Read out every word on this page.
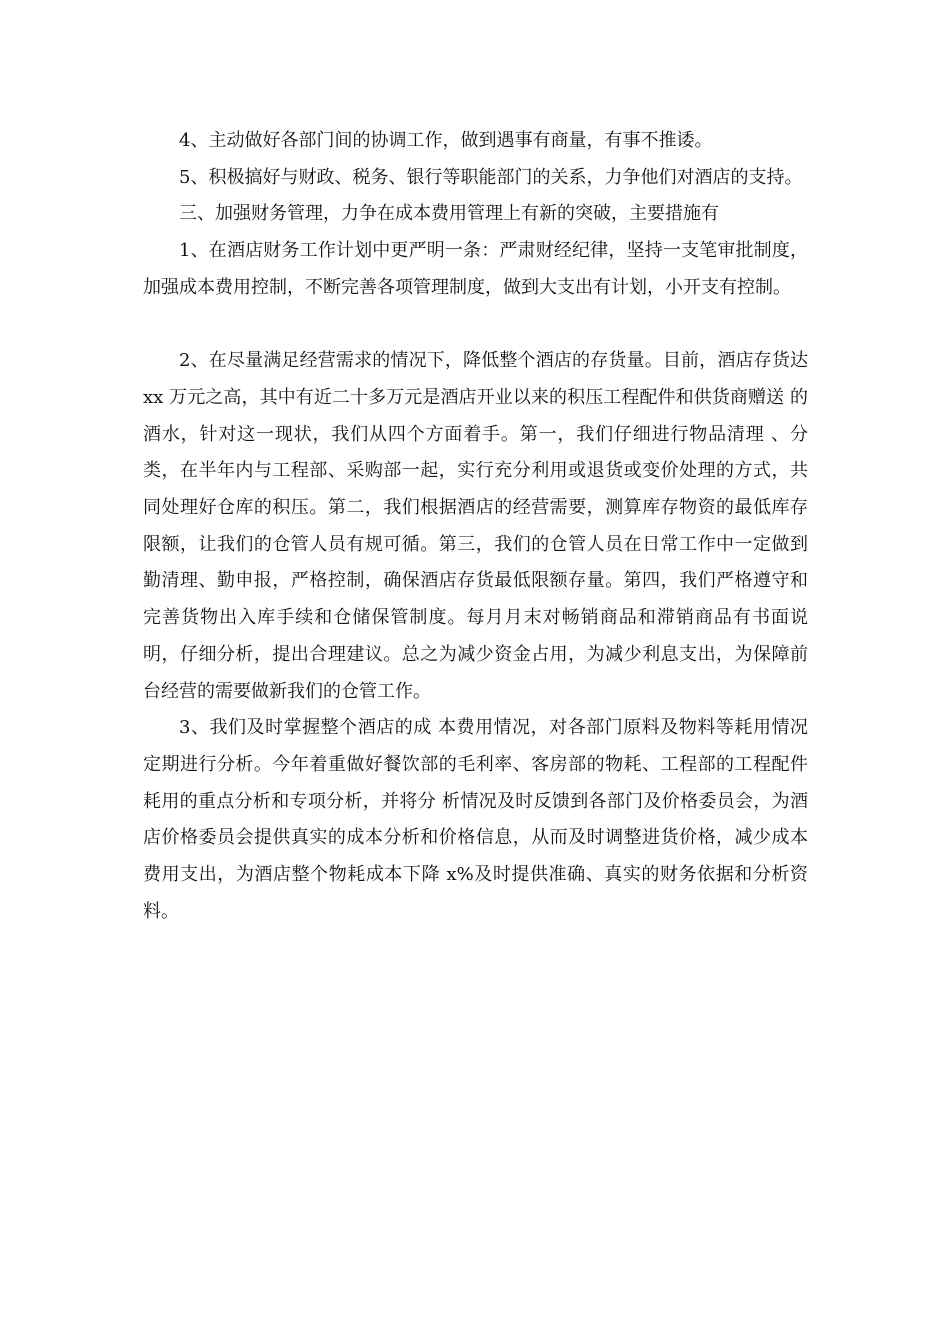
4、主动做好各部门间的协调工作，做到遇事有商量，有事不推诿。

5、积极搞好与财政、税务、银行等职能部门的关系，力争他们对酒店的支持。

三、加强财务管理，力争在成本费用管理上有新的突破，主要措施有

1、在酒店财务工作计划中更严明一条：严肃财经纪律，坚持一支笔审批制度，加强成本费用控制，不断完善各项管理制度，做到大支出有计划，小开支有控制。

2、在尽量满足经营需求的情况下，降低整个酒店的存货量。目前，酒店存货达 xx 万元之高，其中有近二十多万元是酒店开业以来的积压工程配件和供货商赠送 的酒水，针对这一现状，我们从四个方面着手。第一，我们仔细进行物品清理 、分类，在半年内与工程部、采购部一起，实行充分利用或退货或变价处理的方式，共 同处理好仓库的积压。第二，我们根据酒店的经营需要，测算库存物资的最低库存限额，让我们的仓管人员有规可循。第三，我们的仓管人员在日常工作中一定做到 勤清理、勤申报，严格控制，确保酒店存货最低限额存量。第四，我们严格遵守和完善货物出入库手续和仓储保管制度。每月月末对畅销商品和滞销商品有书面说 明，仔细分析，提出合理建议。总之为减少资金占用，为减少利息支出，为保障前台经营的需要做新我们的仓管工作。

3、我们及时掌握整个酒店的成 本费用情况，对各部门原料及物料等耗用情况定期进行分析。今年着重做好餐饮部的毛利率、客房部的物耗、工程部的工程配件耗用的重点分析和专项分析，并将分 析情况及时反馈到各部门及价格委员会，为酒店价格委员会提供真实的成本分析和价格信息，从而及时调整进货价格，减少成本费用支出，为酒店整个物耗成本下降 x%及时提供准确、真实的财务依据和分析资料。
